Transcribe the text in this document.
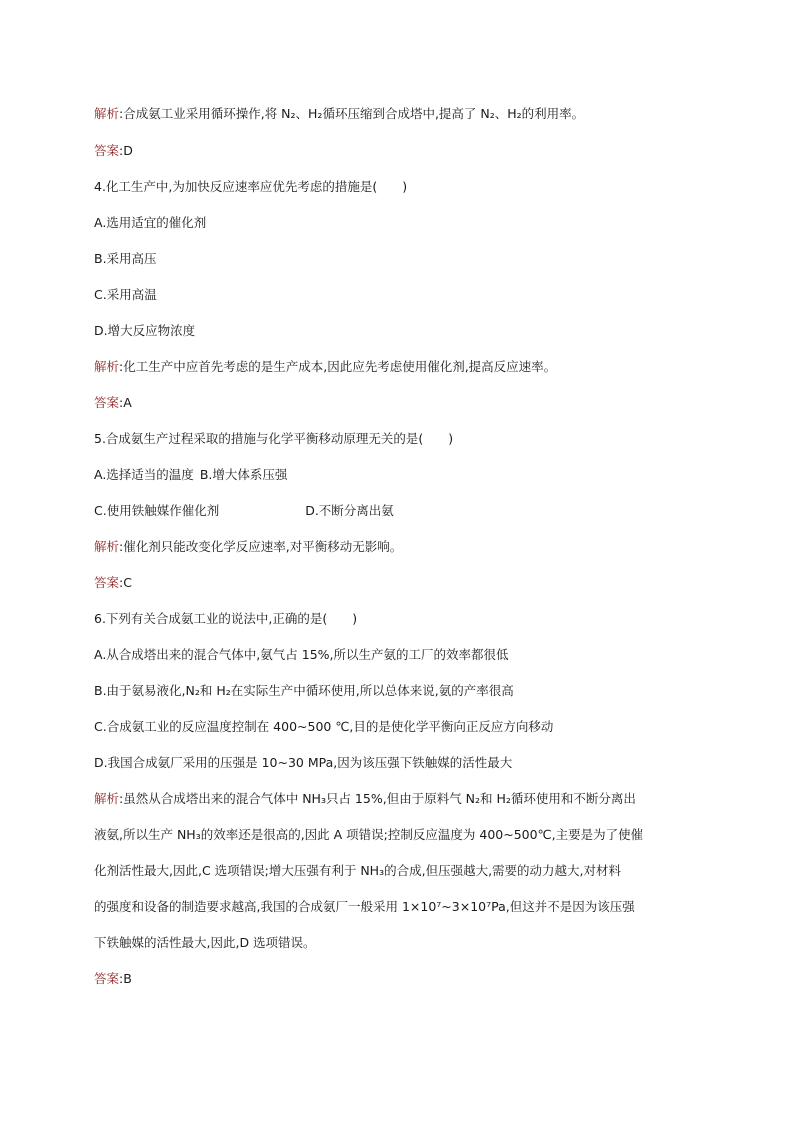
解析:合成氨工业采用循环操作,将 N₂、H₂循环压缩到合成塔中,提高了 N₂、H₂的利用率。
答案:D
4.化工生产中,为加快反应速率应优先考虑的措施是(　　)
A.选用适宜的催化剂
B.采用高压
C.采用高温
D.增大反应物浓度
解析:化工生产中应首先考虑的是生产成本,因此应先考虑使用催化剂,提高反应速率。
答案:A
5.合成氨生产过程采取的措施与化学平衡移动原理无关的是(　　)
A.选择适当的温度 B.增大体系压强
C.使用铁触媒作催化剂	D.不断分离出氨
解析:催化剂只能改变化学反应速率,对平衡移动无影响。
答案:C
6.下列有关合成氨工业的说法中,正确的是(　　)
A.从合成塔出来的混合气体中,氨气占 15%,所以生产氨的工厂的效率都很低
B.由于氨易液化,N₂和 H₂在实际生产中循环使用,所以总体来说,氨的产率很高
C.合成氨工业的反应温度控制在 400~500 ℃,目的是使化学平衡向正反应方向移动
D.我国合成氨厂采用的压强是 10~30 MPa,因为该压强下铁触媒的活性最大
解析:虽然从合成塔出来的混合气体中 NH₃只占 15%,但由于原料气 N₂和 H₂循环使用和不断分离出
液氨,所以生产 NH₃的效率还是很高的,因此 A 项错误;控制反应温度为 400~500℃,主要是为了使催
化剂活性最大,因此,C 选项错误;增大压强有利于 NH₃的合成,但压强越大,需要的动力越大,对材料
的强度和设备的制造要求越高,我国的合成氨厂一般采用 1×10⁷~3×10⁷Pa,但这并不是因为该压强
下铁触媒的活性最大,因此,D 选项错误。
答案:B
